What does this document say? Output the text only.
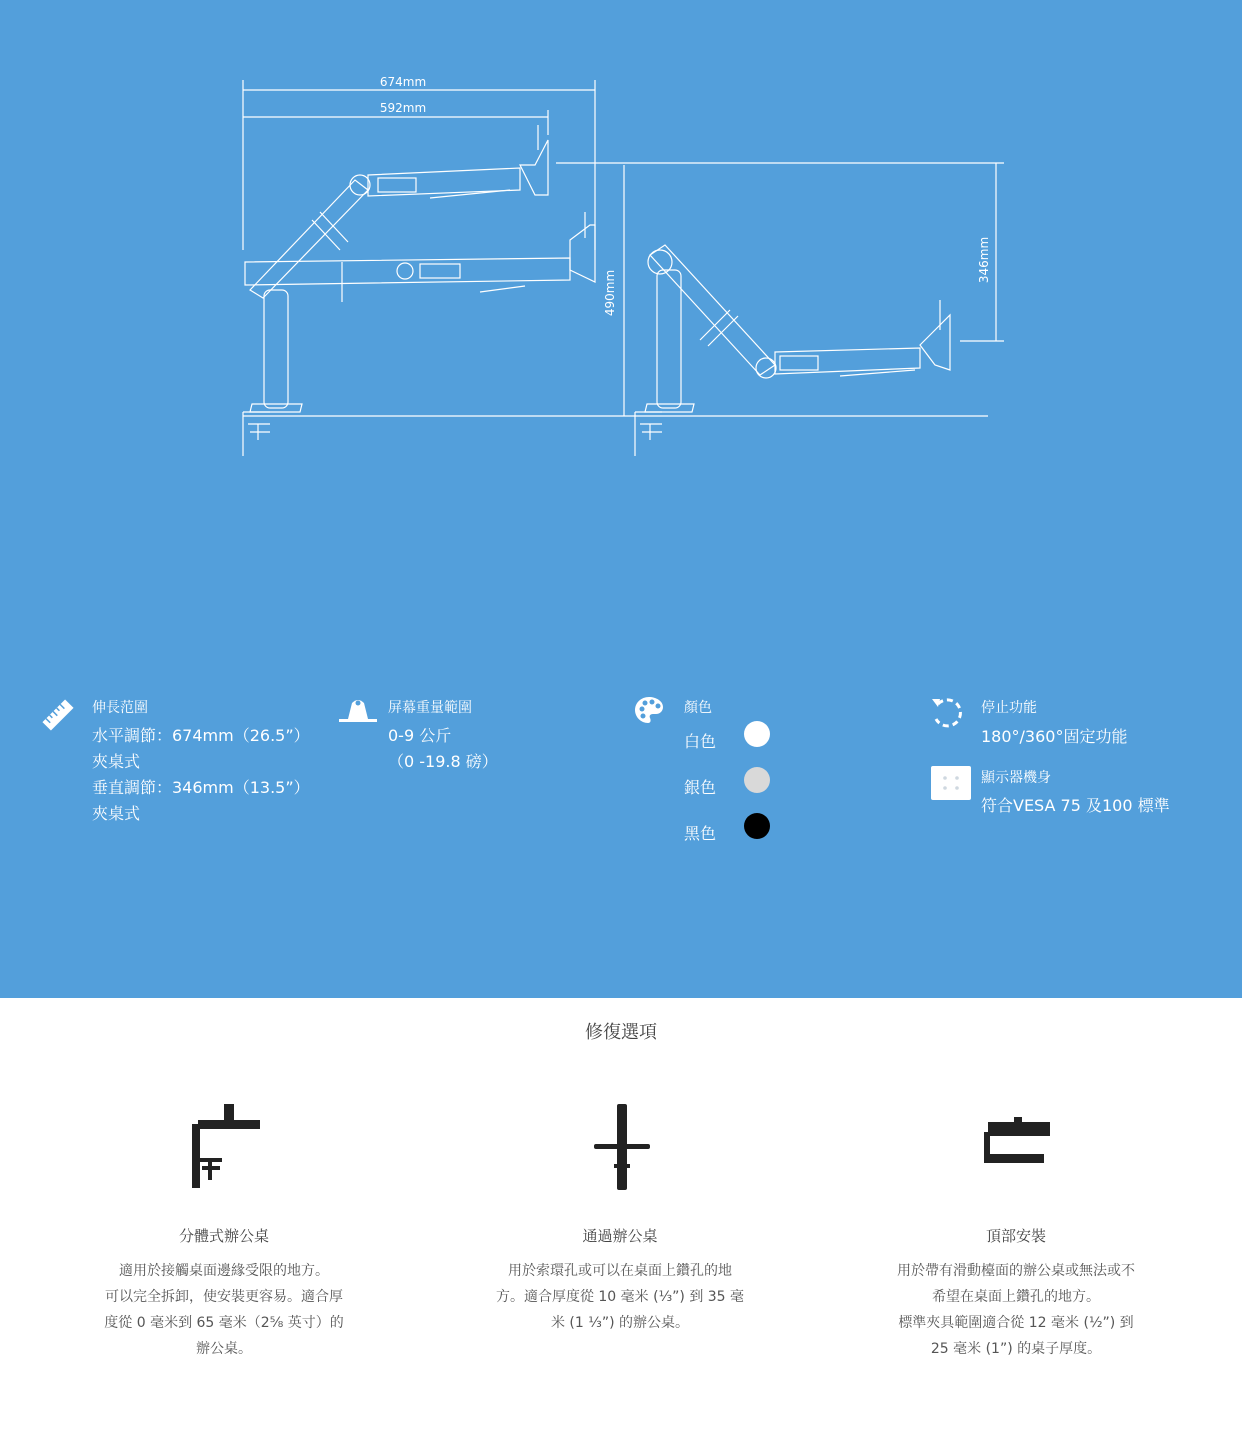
674mm
592mm
490mm
346mm
伸長范圍
水平調節：674mm（26.5”）
夾桌式
垂直調節：346mm（13.5”）
夾桌式
屏幕重量範圍
0-9 公斤
（0 -19.8 磅）
顏色
白色
銀色
黑色
停止功能
180°/360°固定功能
顯示器機身
符合VESA 75 及100 標準
修復選項
分體式辦公桌
適用於接觸桌面邊緣受限的地方。
可以完全拆卸，使安裝更容易。適合厚
度從 0 毫米到 65 毫米（2⅝ 英寸）的
辦公桌。
通過辦公桌
用於索環孔或可以在桌面上鑽孔的地
方。適合厚度從 10 毫米 (⅓”) 到 35 毫
米 (1 ⅓”) 的辦公桌。
頂部安裝
用於帶有滑動檯面的辦公桌或無法或不
希望在桌面上鑽孔的地方。
標準夾具範圍適合從 12 毫米 (½”) 到
25 毫米 (1”) 的桌子厚度。
